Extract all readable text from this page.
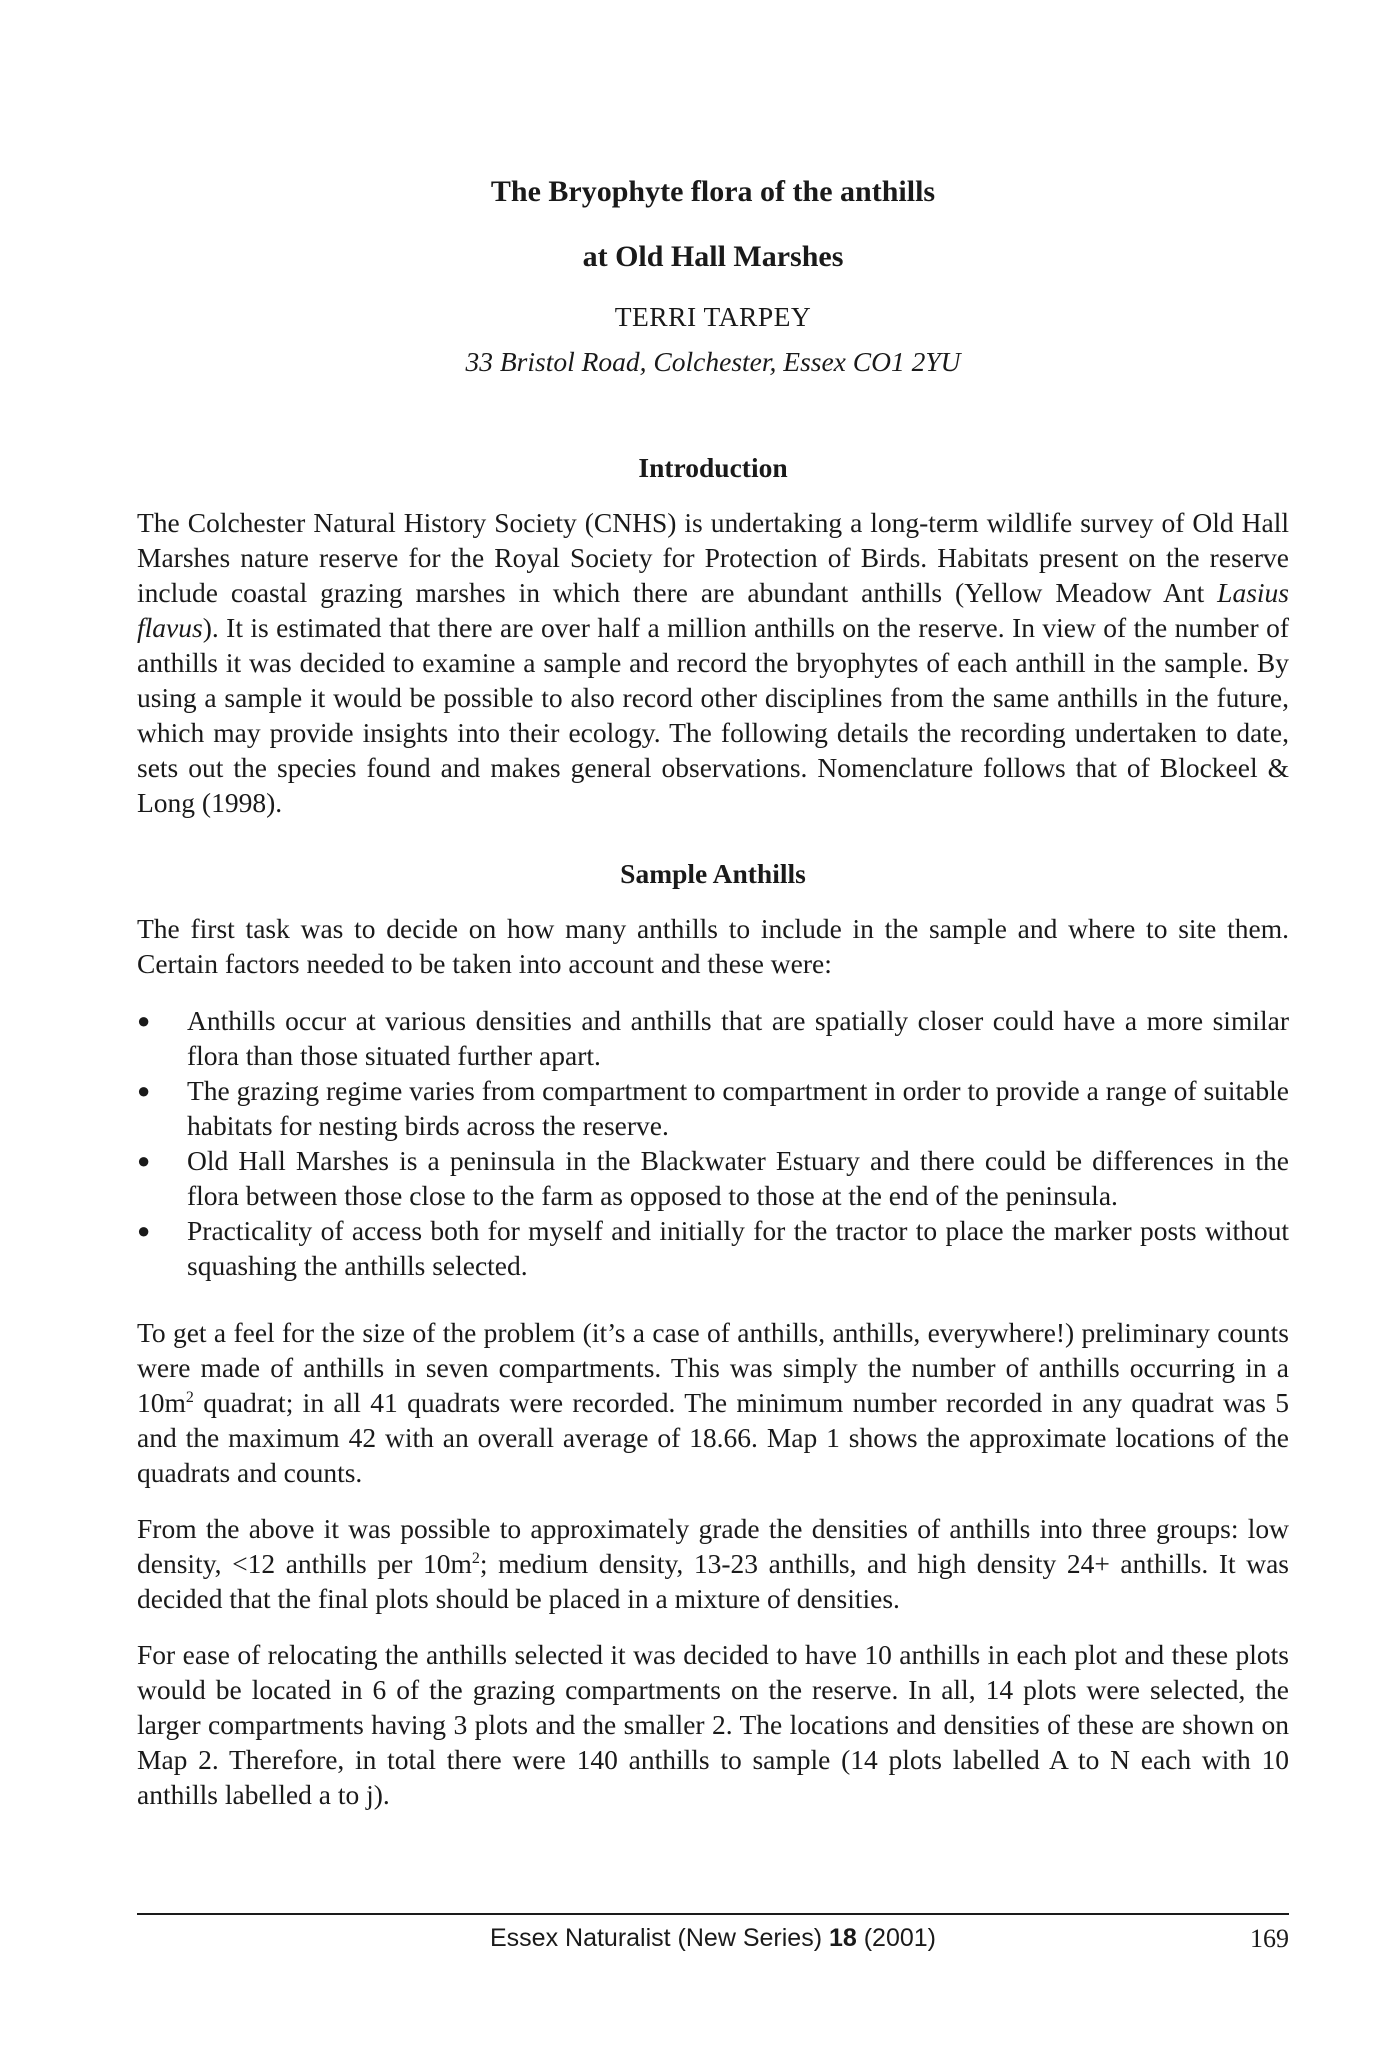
The Bryophyte flora of the anthills

at Old Hall Marshes

TERRI TARPEY

33 Bristol Road, Colchester, Essex CO1 2YU

Introduction

The Colchester Natural History Society (CNHS) is undertaking a long-term wildlife survey of Old Hall Marshes nature reserve for the Royal Society for Protection of Birds. Habitats present on the reserve include coastal grazing marshes in which there are abundant anthills (Yellow Meadow Ant Lasius flavus). It is estimated that there are over half a million anthills on the reserve. In view of the number of anthills it was decided to examine a sample and record the bryophytes of each anthill in the sample. By using a sample it would be possible to also record other disciplines from the same anthills in the future, which may provide insights into their ecology. The following details the recording undertaken to date, sets out the species found and makes general observations. Nomenclature follows that of Blockeel & Long (1998).

Sample Anthills

The first task was to decide on how many anthills to include in the sample and where to site them. Certain factors needed to be taken into account and these were:

● Anthills occur at various densities and anthills that are spatially closer could have a more similar flora than those situated further apart.
● The grazing regime varies from compartment to compartment in order to provide a range of suitable habitats for nesting birds across the reserve.
● Old Hall Marshes is a peninsula in the Blackwater Estuary and there could be differences in the flora between those close to the farm as opposed to those at the end of the peninsula.
● Practicality of access both for myself and initially for the tractor to place the marker posts without squashing the anthills selected.

To get a feel for the size of the problem (it’s a case of anthills, anthills, everywhere!) preliminary counts were made of anthills in seven compartments. This was simply the number of anthills occurring in a $10m^2$ quadrat; in all 41 quadrats were recorded. The minimum number recorded in any quadrat was 5 and the maximum 42 with an overall average of 18.66. Map 1 shows the approximate locations of the quadrats and counts.

From the above it was possible to approximately grade the densities of anthills into three groups: low density, <12 anthills per $10m^2$; medium density, 13-23 anthills, and high density 24+ anthills. It was decided that the final plots should be placed in a mixture of densities.

For ease of relocating the anthills selected it was decided to have 10 anthills in each plot and these plots would be located in 6 of the grazing compartments on the reserve. In all, 14 plots were selected, the larger compartments having 3 plots and the smaller 2. The locations and densities of these are shown on Map 2. Therefore, in total there were 140 anthills to sample (14 plots labelled A to N each with 10 anthills labelled a to j).

Essex Naturalist (New Series) 18 (2001)	169
